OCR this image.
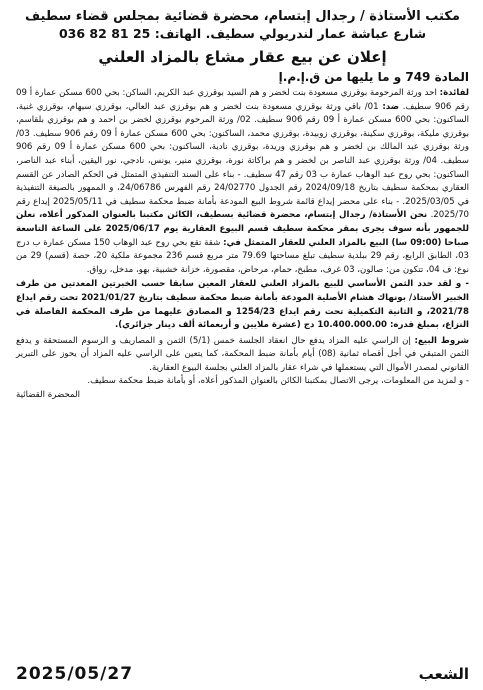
مكتب الأستاذة / رجدال إبتسام، محضرة قضائية بمجلس قضاء سطيف
شارع عباشة عمار لندريولي سطيف. الهاتف: 25 81 82 036
إعلان عن بيع عقار مشاع بالمزاد العلني
المادة 749 و ما يليها من ق.إ.م.إ

لفائدة: احد ورثة المرحومة بوقرزي مسعودة بنت لخضر و هم السيد بوقرزي عبد الكريم، الساكن: بحي 600 مسكن عمارة أ 09 رقم 906 سطيف. ضد: 01/ باقي ورثة بوقرزي مسعودة بنت لخضر و هم بوقرزي عبد العالي، بوقرزي سيهام، بوقرزي غنية، الساكنون: بحي 600 مسكن عمارة أ 09 رقم 906 سطيف. 02/ ورثة المرحوم بوقرزي لخضر بن احمد و هم بوقرزي بلقاسم، بوقرزي مليكة، بوقرزي سكينة، بوقرزي زوبيدة، بوقرزي محمد، الساكنون: بحي 600 مسكن عمارة أ 09 رقم 906 سطيف. 03/ ورثة بوقرزي عبد المالك بن لخضر و هم بوقرزي وريدة، بوقرزي نادية، الساكنون: بحي 600 مسكن عمارة أ 09 رقم 906 سطيف. 04/ ورثة بوقرزي عبد الناصر بن لخضر و هم براكاتة نورة، بوقرزي منير، يونس، نادجي، نور اليقين، أبناء عبد الناصر، الساكنون: بحي روح عبد الوهاب عمارة ب 03 رقم 47 سطيف. - بناء على السند التنفيذي المتمثل في الحكم الصادر عن القسم العقاري بمحكمة سطيف بتاريخ 2024/09/18 رقم الجدول 24/02770 رقم الفهرس 24/06786، و الممهور بالصيغة التنفيذية في 2025/03/05. - بناء على محضر إيداع قائمة شروط البيع المودعة بأمانة ضبط محكمة سطيف في 2025/05/11 إيداع رقم 2025/70. نحن الأستاذة/ رجدال إبتسام، محضرة قضائية بسطيف، الكائن مكتبنا بالعنوان المذكور أعلاه، نعلن للجمهور بأنه سوف يجرى بمقر محكمة سطيف قسم البيوع العقارية يوم 2025/06/17 على الساعة التاسعة صباحا (09:00 سا) البيع بالمزاد العلني للعقار المتمثل في: شقة تقع بحي روح عبد الوهاب 150 مسكن عمارة ب درج 03، الطابق الرابع، رقم 29 ببلدية سطيف تبلغ مساحتها 79.69 متر مربع قسم 236 مجموعة ملكية 20، حصة (قسم) 29 من نوع: ف 04، تتكون من: صالون، 03 غرف، مطبخ، حمام، مرحاض، مقصورة، خزانة خشبية، بهو، مدخل، رواق.

- و لقد حدد الثمن الأساسي للبيع بالمزاد العلني للعقار المعين سابقا حسب الخبرتين المعدتين من طرف الخبير الأستاذ/ بونهاك هشام الأصلية المودعة بأمانة ضبط محكمة سطيف بتاريخ 2021/01/27 تحت رقم ايداع 2021/78، و الثانية التكميلية تحت رقم ايداع 1254/23 و المصادق عليهما من طرف المحكمة الفاصلة في النزاع، بمبلغ قدره: 10.400.000.00 دج (عشرة ملايين و أربعمائة ألف دينار جزائري).

شروط البيع: إن الراسي عليه المزاد يدفع حال انعقاد الجلسة خمس (5/1) الثمن و المصاريف و الرسوم المستحقة و يدفع الثمن المتبقي في أجل أقصاه ثمانية (08) أيام بأمانة ضبط المحكمة، كما يتعين على الراسي عليه المزاد أن يحوز على التبرير القانوني لمصدر الأموال التي يستعملها في شراء عقار بالمزاد العلني بجلسة البيوع العقارية.

- و لمزيد من المعلومات، يرجى الاتصال بمكتبنا الكائن بالعنوان المذكور أعلاه، أو بأمانة ضبط محكمة سطيف.
المحضرة القضائية
2025/05/27	الشعب
